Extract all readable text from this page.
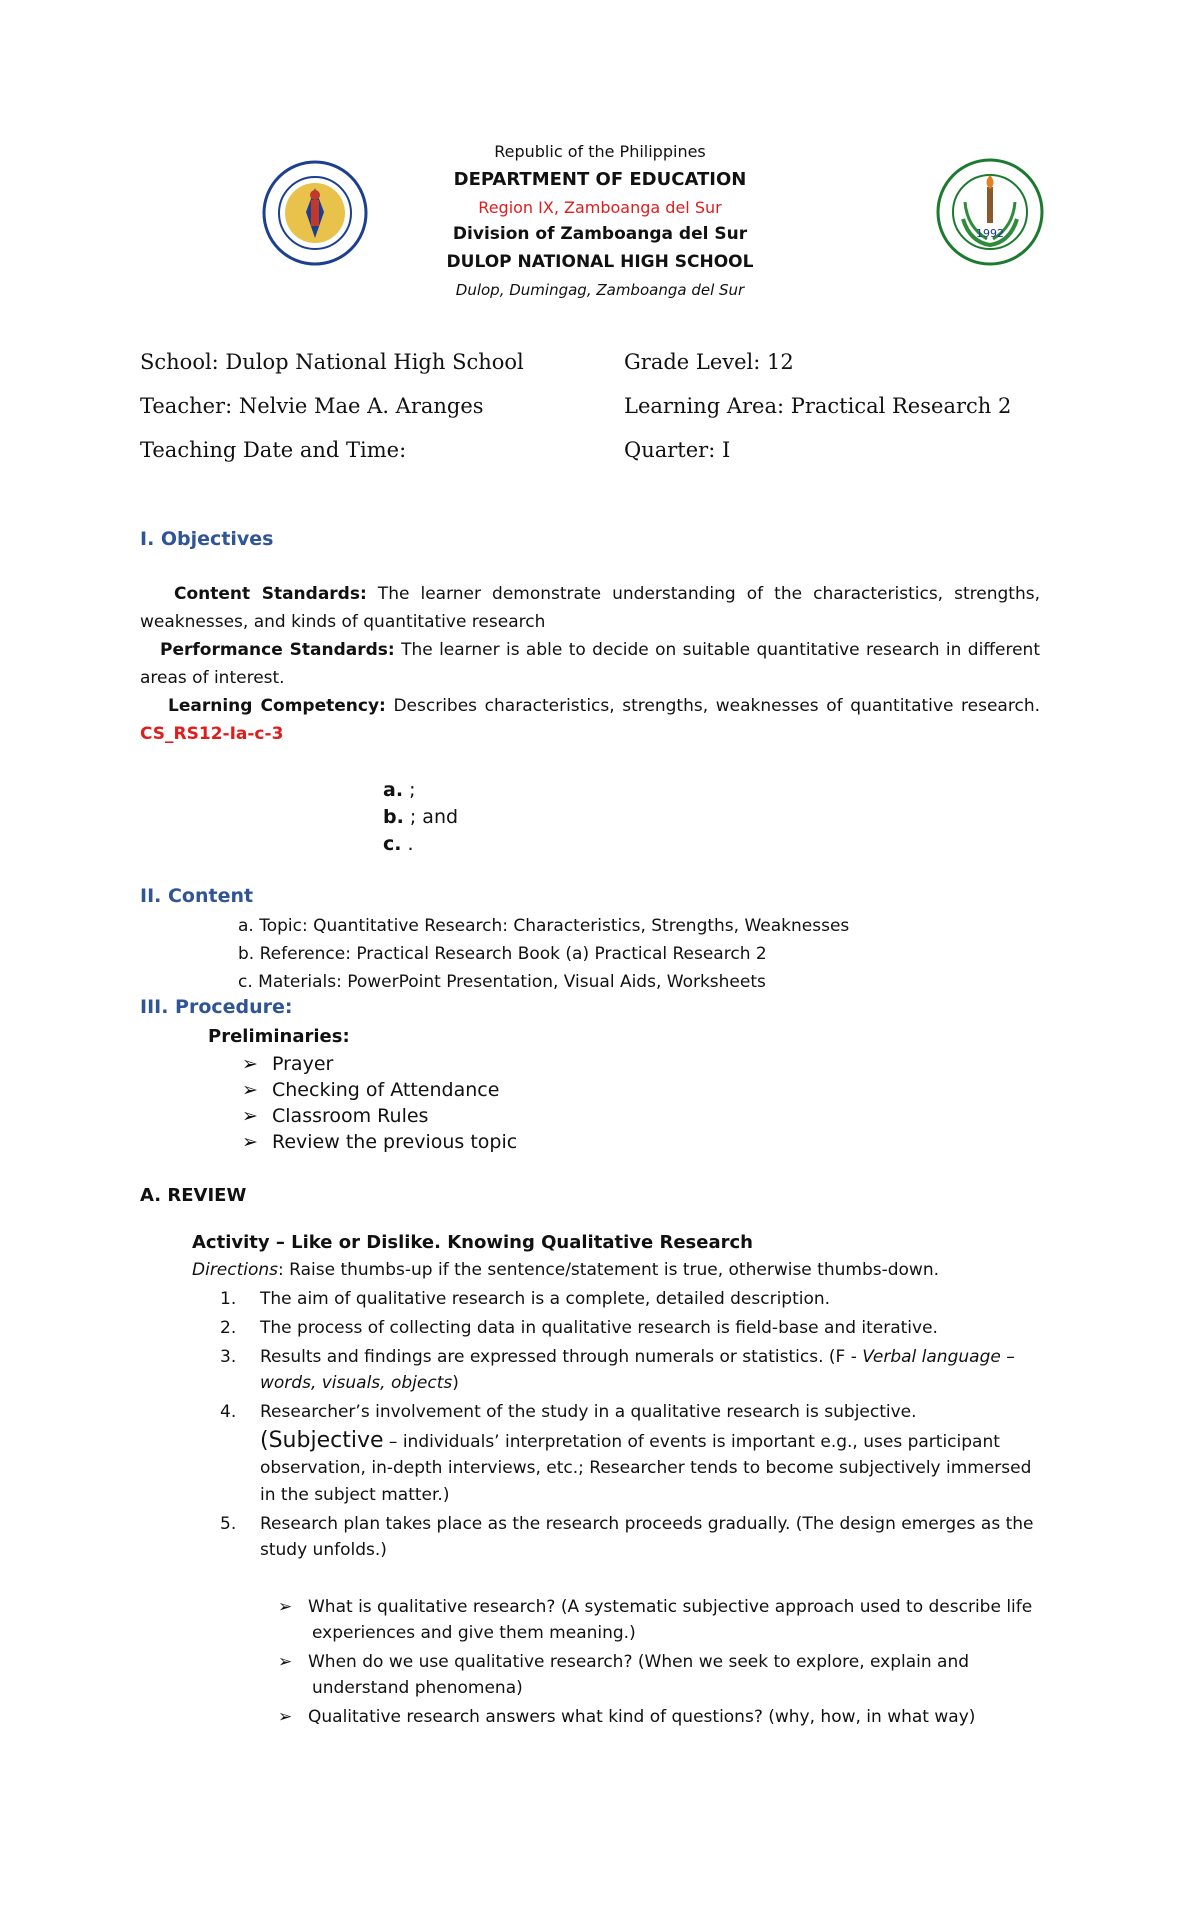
1992
Republic of the Philippines
DEPARTMENT OF EDUCATION
Region IX, Zamboanga del Sur
Division of Zamboanga del Sur
DULOP NATIONAL HIGH SCHOOL
Dulop, Dumingag, Zamboanga del Sur
School: Dulop National High School	Grade Level: 12
Teacher: Nelvie Mae A. Aranges	Learning Area: Practical Research 2
Teaching Date and Time:	Quarter: I
I. Objectives
Content Standards: The learner demonstrate understanding of the characteristics, strengths, weaknesses, and kinds of quantitative research
Performance Standards: The learner is able to decide on suitable quantitative research in different areas of interest.
Learning Competency: Describes characteristics, strengths, weaknesses of quantitative research. CS_RS12-Ia-c-3
a. ;
b. ; and
c. .
II. Content
a. Topic: Quantitative Research: Characteristics, Strengths, Weaknesses
b. Reference: Practical Research Book (a) Practical Research 2
c. Materials: PowerPoint Presentation, Visual Aids, Worksheets
III. Procedure:
Preliminaries:
➢ Prayer
➢ Checking of Attendance
➢ Classroom Rules
➢ Review the previous topic
A. REVIEW
Activity – Like or Dislike. Knowing Qualitative Research
Directions: Raise thumbs-up if the sentence/statement is true, otherwise thumbs-down.
1. The aim of qualitative research is a complete, detailed description.
2. The process of collecting data in qualitative research is field-base and iterative.
3. Results and findings are expressed through numerals or statistics. (F - Verbal language –
words, visuals, objects)
4. Researcher’s involvement of the study in a qualitative research is subjective.
(Subjective – individuals’ interpretation of events is important e.g., uses participant
observation, in-depth interviews, etc.; Researcher tends to become subjectively immersed
in the subject matter.)
5. Research plan takes place as the research proceeds gradually. (The design emerges as the
study unfolds.)
➢ What is qualitative research? (A systematic subjective approach used to describe life
experiences and give them meaning.)
➢ When do we use qualitative research? (When we seek to explore, explain and
understand phenomena)
➢ Qualitative research answers what kind of questions? (why, how, in what way)
